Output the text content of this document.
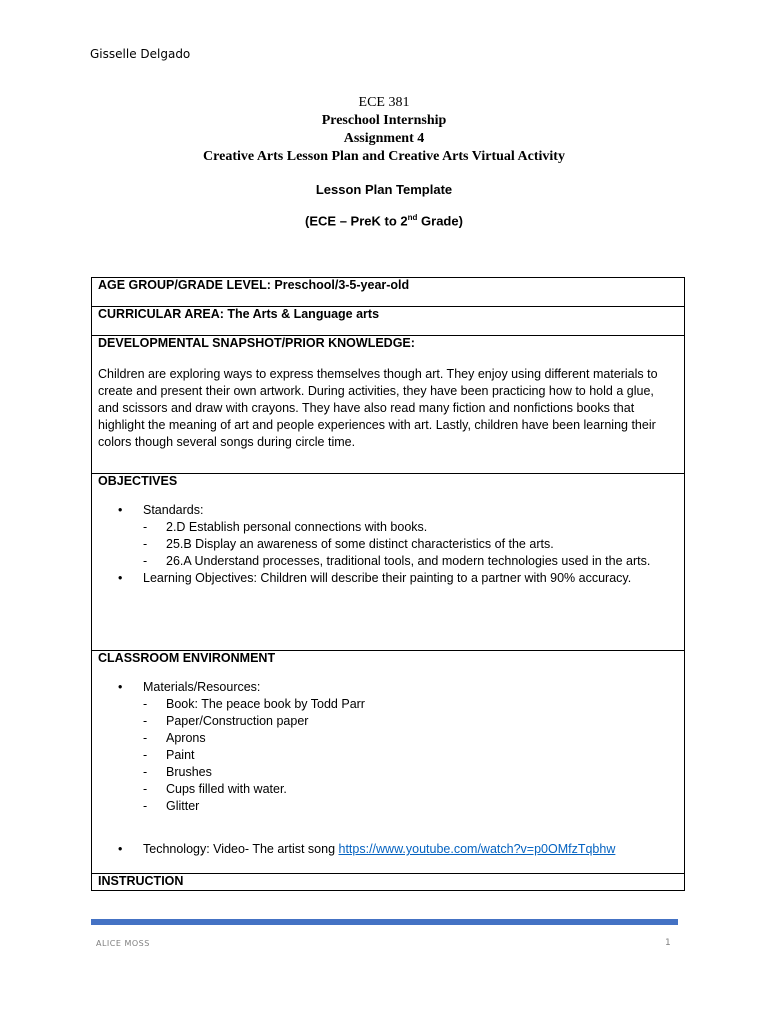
Gisselle Delgado
ECE 381
Preschool Internship
Assignment 4
Creative Arts Lesson Plan and Creative Arts Virtual Activity
Lesson Plan Template
(ECE – PreK to 2nd Grade)
AGE GROUP/GRADE LEVEL: Preschool/3-5-year-old
CURRICULAR AREA: The Arts & Language arts

DEVELOPMENTAL SNAPSHOT/PRIOR KNOWLEDGE:
Children are exploring ways to express themselves though art. They enjoy using different materials to create and present their own artwork. During activities, they have been practicing how to hold a glue, and scissors and draw with crayons. They have also read many fiction and nonfictions books that highlight the meaning of art and people experiences with art. Lastly, children have been learning their colors though several songs during circle time.

OBJECTIVES
• Standards:
- 2.D Establish personal connections with books.
- 25.B Display an awareness of some distinct characteristics of the arts.
- 26.A Understand processes, traditional tools, and modern technologies used in the arts.
• Learning Objectives: Children will describe their painting to a partner with 90% accuracy.

CLASSROOM ENVIRONMENT
• Materials/Resources:
- Book: The peace book by Todd Parr
- Paper/Construction paper
- Aprons
- Paint
- Brushes
- Cups filled with water.
- Glitter
• Technology: Video- The artist song https://www.youtube.com/watch?v=p0OMfzTqbhw

INSTRUCTION
ALICE MOSS	1
